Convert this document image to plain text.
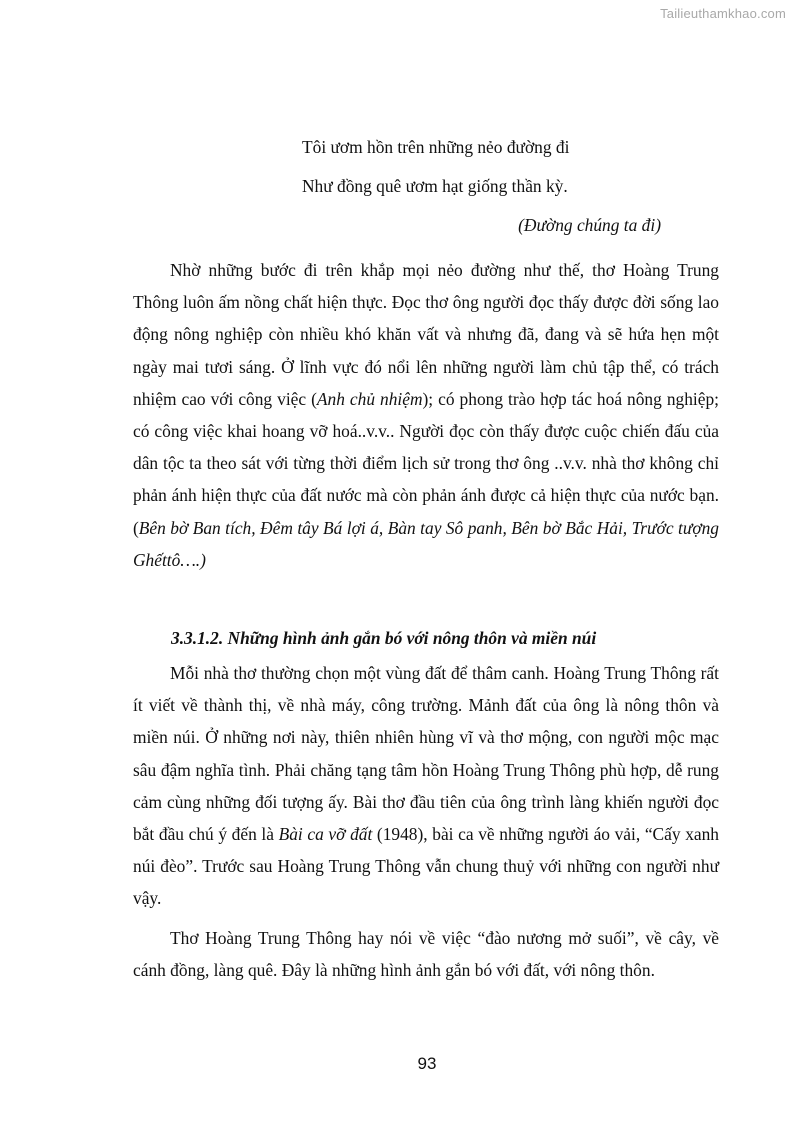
Tailieuthamkhao.com

Tôi ươm hồn trên những nẻo đường đi

Như đồng quê ươm hạt giống thần kỳ.

(Đường chúng ta đi)

Nhờ những bước đi trên khắp mọi nẻo đường như thế, thơ Hoàng Trung Thông luôn ấm nồng chất hiện thực. Đọc thơ ông người đọc thấy được đời sống lao động nông nghiệp còn nhiều khó khăn vất và nhưng đã, đang và sẽ hứa hẹn một ngày mai tươi sáng. Ở lĩnh vực đó nổi lên những người làm chủ tập thể, có trách nhiệm cao với công việc (Anh chủ nhiệm); có phong trào hợp tác hoá nông nghiệp; có công việc khai hoang vỡ hoá..v.v.. Người đọc còn thấy được cuộc chiến đấu của dân tộc ta theo sát với từng thời điểm lịch sử trong thơ ông ..v.v. nhà thơ không chỉ phản ánh hiện thực của đất nước mà còn phản ánh được cả hiện thực của nước bạn. (Bên bờ Ban tích, Đêm tây Bá lợi á, Bàn tay Sô panh, Bên bờ Bắc Hải, Trước tượng Ghếttô….)

3.3.1.2. Những hình ảnh gắn bó với nông thôn và miền núi

Mỗi nhà thơ thường chọn một vùng đất để thâm canh. Hoàng Trung Thông rất ít viết về thành thị, về nhà máy, công trường. Mảnh đất của ông là nông thôn và miền núi. Ở những nơi này, thiên nhiên hùng vĩ và thơ mộng, con người mộc mạc sâu đậm nghĩa tình. Phải chăng tạng tâm hồn Hoàng Trung Thông phù hợp, dễ rung cảm cùng những đối tượng ấy. Bài thơ đầu tiên của ông trình làng khiến người đọc bắt đầu chú ý đến là Bài ca vỡ đất (1948), bài ca về những người áo vải, “Cấy xanh núi đèo”. Trước sau Hoàng Trung Thông vẫn chung thuỷ với những con người như vậy.

Thơ Hoàng Trung Thông hay nói về việc “đào nương mở suối”, về cây, về cánh đồng, làng quê. Đây là những hình ảnh gắn bó với đất, với nông thôn.

93
